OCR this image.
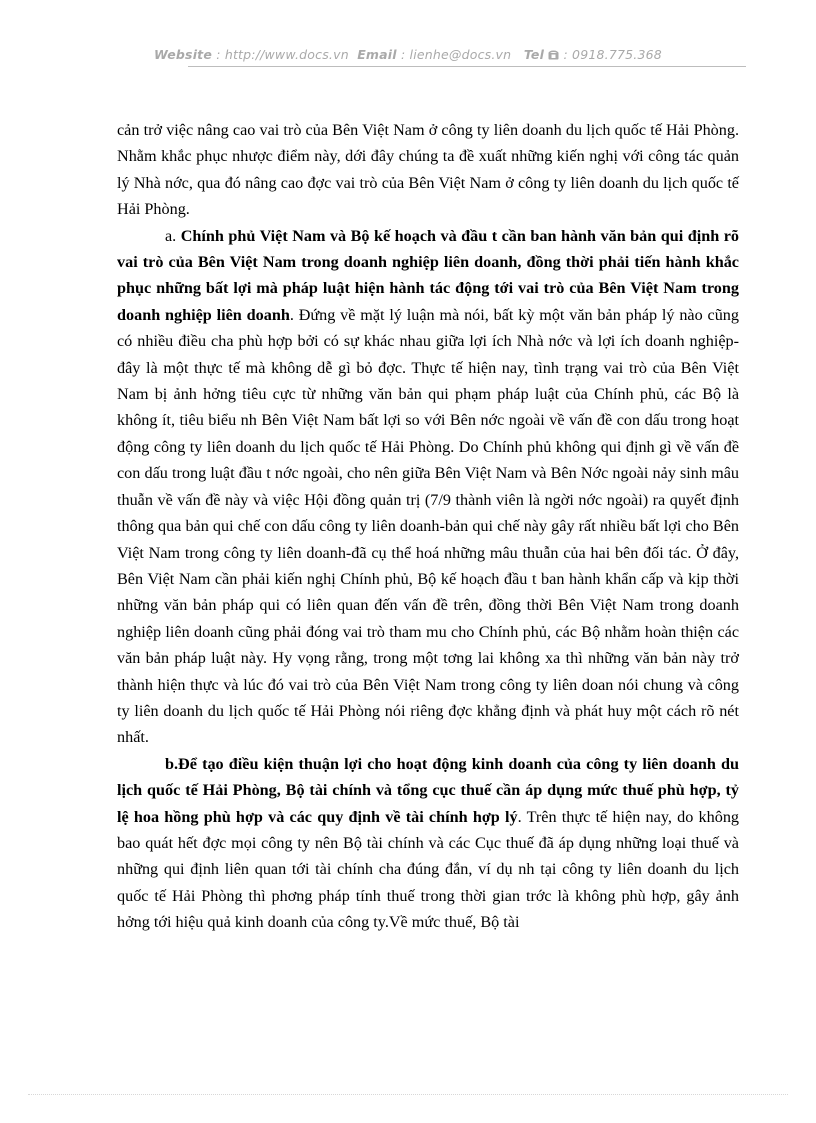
Website : http://www.docs.vn Email : lienhe@docs.vn Tel : 0918.775.368

cản trở việc nâng cao vai trò của Bên Việt Nam ở công ty liên doanh du lịch quốc tế Hải Phòng. Nhằm khắc phục nhược điểm này, dới đây chúng ta đề xuất những kiến nghị với công tác quản lý Nhà nớc, qua đó nâng cao đợc vai trò của Bên Việt Nam ở công ty liên doanh du lịch quốc tế Hải Phòng.

a. Chính phủ Việt Nam và Bộ kế hoạch và đầu t cần ban hành văn bản qui định rõ vai trò của Bên Việt Nam trong doanh nghiệp liên doanh, đồng thời phải tiến hành khắc phục những bất lợi mà pháp luật hiện hành tác động tới vai trò của Bên Việt Nam trong doanh nghiệp liên doanh. Đứng về mặt lý luận mà nói, bất kỳ một văn bản pháp lý nào cũng có nhiều điều cha phù hợp bởi có sự khác nhau giữa lợi ích Nhà nớc và lợi ích doanh nghiệp-đây là một thực tế mà không dễ gì bỏ đợc. Thực tế hiện nay, tình trạng vai trò của Bên Việt Nam bị ảnh hởng tiêu cực từ những văn bản qui phạm pháp luật của Chính phủ, các Bộ là không ít, tiêu biểu nh Bên Việt Nam bất lợi so với Bên nớc ngoài về vấn đề con dấu trong hoạt động công ty liên doanh du lịch quốc tế Hải Phòng. Do Chính phủ không qui định gì về vấn đề con dấu trong luật đầu t nớc ngoài, cho nên giữa Bên Việt Nam và Bên Nớc ngoài nảy sinh mâu thuẫn về vấn đề này và việc Hội đồng quản trị (7/9 thành viên là ngời nớc ngoài) ra quyết định thông qua bản qui chế con dấu công ty liên doanh-bản qui chế này gây rất nhiều bất lợi cho Bên Việt Nam trong công ty liên doanh-đã cụ thể hoá những mâu thuẫn của hai bên đối tác. Ở đây, Bên Việt Nam cần phải kiến nghị Chính phủ, Bộ kế hoạch đầu t ban hành khẩn cấp và kịp thời những văn bản pháp qui có liên quan đến vấn đề trên, đồng thời Bên Việt Nam trong doanh nghiệp liên doanh cũng phải đóng vai trò tham mu cho Chính phủ, các Bộ nhằm hoàn thiện các văn bản pháp luật này. Hy vọng rằng, trong một tơng lai không xa thì những văn bản này trở thành hiện thực và lúc đó vai trò của Bên Việt Nam trong công ty liên doan nói chung và công ty liên doanh du lịch quốc tế Hải Phòng nói riêng đợc khẳng định và phát huy một cách rõ nét nhất.

b.Để tạo điều kiện thuận lợi cho hoạt động kinh doanh của công ty liên doanh du lịch quốc tế Hải Phòng, Bộ tài chính và tổng cục thuế cần áp dụng mức thuế phù hợp, tỷ lệ hoa hồng phù hợp và các quy định về tài chính hợp lý. Trên thực tế hiện nay, do không bao quát hết đợc mọi công ty nên Bộ tài chính và các Cục thuế đã áp dụng những loại thuế và những qui định liên quan tới tài chính cha đúng đắn, ví dụ nh tại công ty liên doanh du lịch quốc tế Hải Phòng thì phơng pháp tính thuế trong thời gian trớc là không phù hợp, gây ảnh hởng tới hiệu quả kinh doanh của công ty.Về mức thuế, Bộ tài
